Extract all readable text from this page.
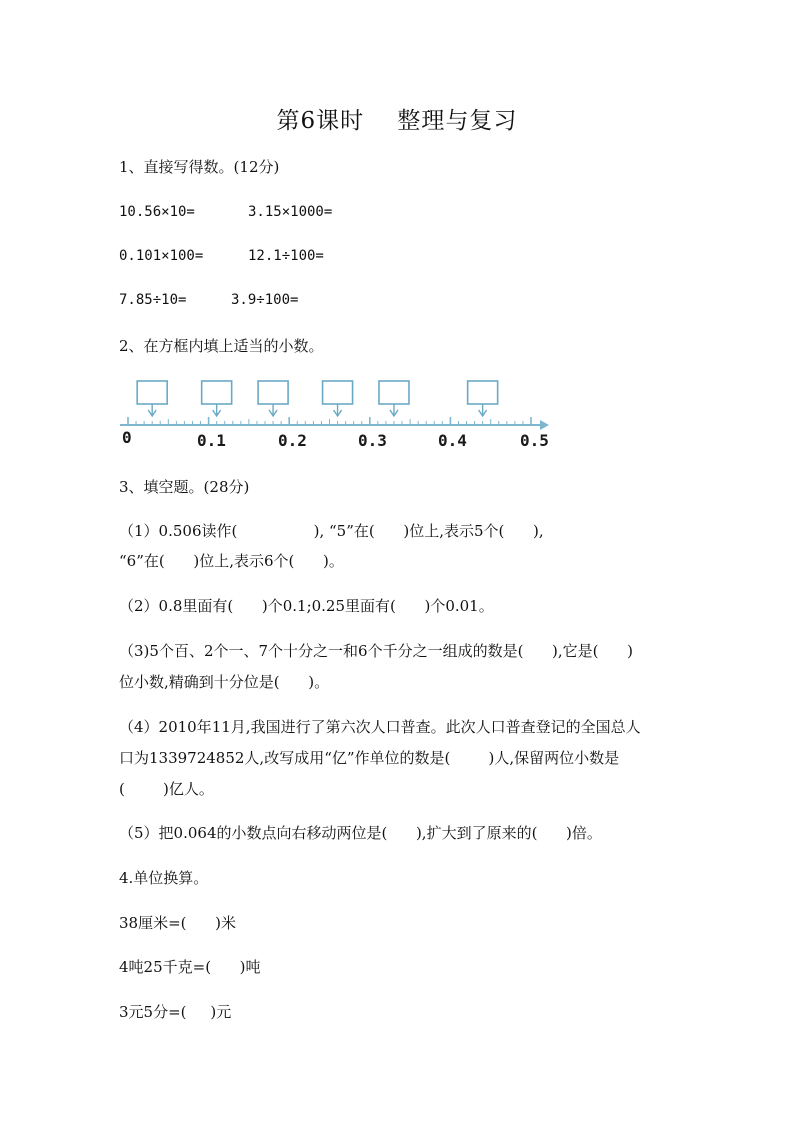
第6课时    整理与复习
1、直接写得数。(12分)
10.56×10=	3.15×1000=
0.101×100=	12.1÷100=
7.85÷10=	3.9÷100=
2、在方框内填上适当的小数。
0	0.1	0.2	0.3	0.4	0.5
3、填空题。(28分)
（1）0.506读作(                ), “5”在(      )位上,表示5个(      ),
“6”在(      )位上,表示6个(      )。
（2）0.8里面有(      )个0.1;0.25里面有(      )个0.01。
（3)5个百、2个一、7个十分之一和6个千分之一组成的数是(      ),它是(      )
位小数,精确到十分位是(      )。
（4）2010年11月,我国进行了第六次人口普查。此次人口普查登记的全国总人
口为1339724852人,改写成用“亿”作单位的数是(        )人,保留两位小数是
(        )亿人。
（5）把0.064的小数点向右移动两位是(      ),扩大到了原来的(      )倍。
4.单位换算。
38厘米=(      )米
4吨25千克=(      )吨
3元5分=(     )元
